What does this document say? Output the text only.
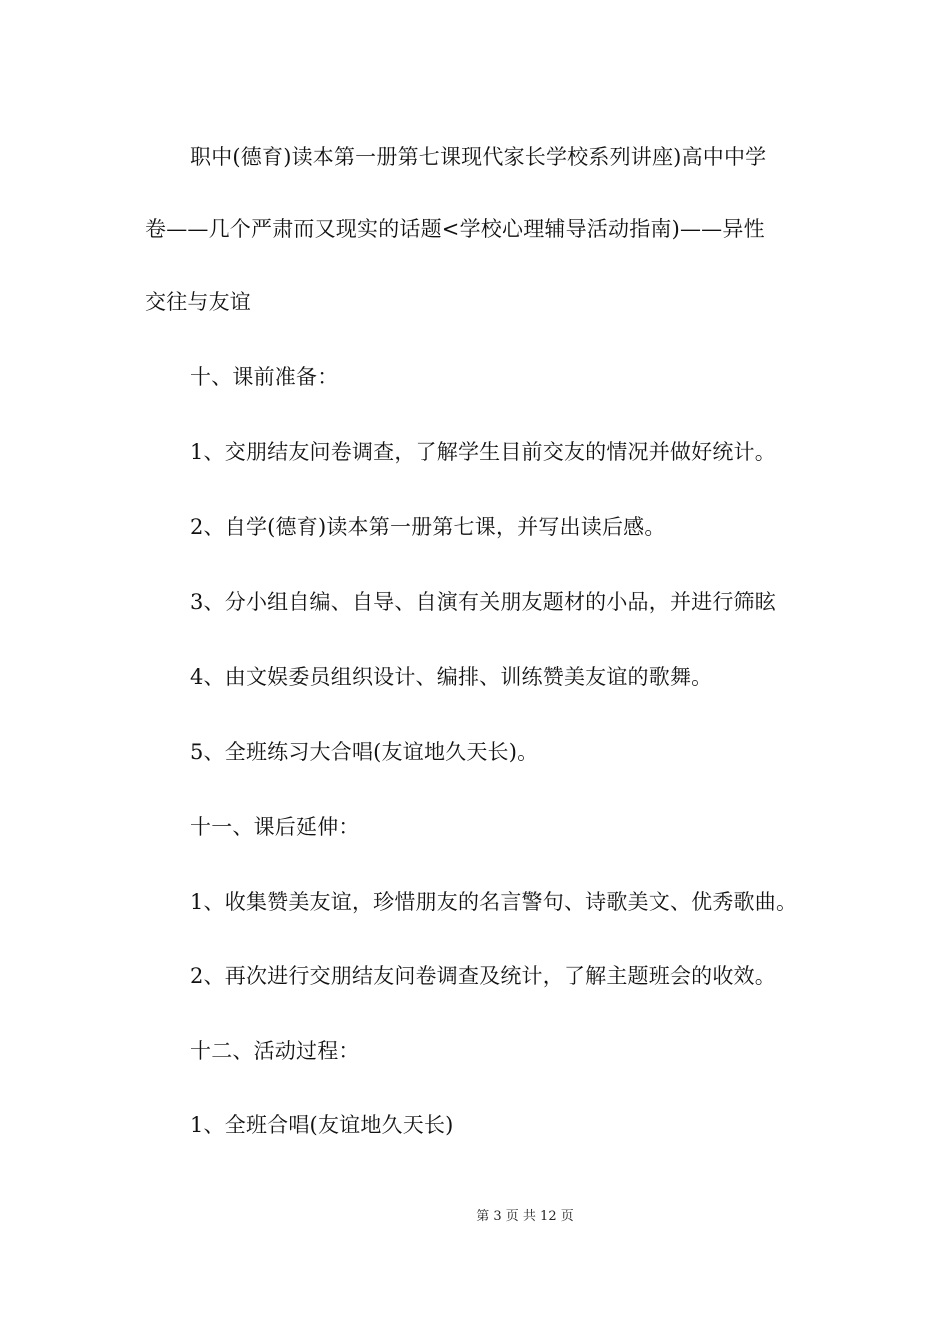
职中(德育)读本第一册第七课现代家长学校系列讲座)高中中学
卷——几个严肃而又现实的话题<学校心理辅导活动指南)——异性
交往与友谊
十、课前准备：
1、交朋结友问卷调查，了解学生目前交友的情况并做好统计。
2、自学(德育)读本第一册第七课，并写出读后感。
3、分小组自编、自导、自演有关朋友题材的小品，并进行筛眩
4、由文娱委员组织设计、编排、训练赞美友谊的歌舞。
5、全班练习大合唱(友谊地久天长)。
十一、课后延伸：
1、收集赞美友谊，珍惜朋友的名言警句、诗歌美文、优秀歌曲。
2、再次进行交朋结友问卷调查及统计，了解主题班会的收效。
十二、活动过程：
1、全班合唱(友谊地久天长)
第 3 页 共 12 页
